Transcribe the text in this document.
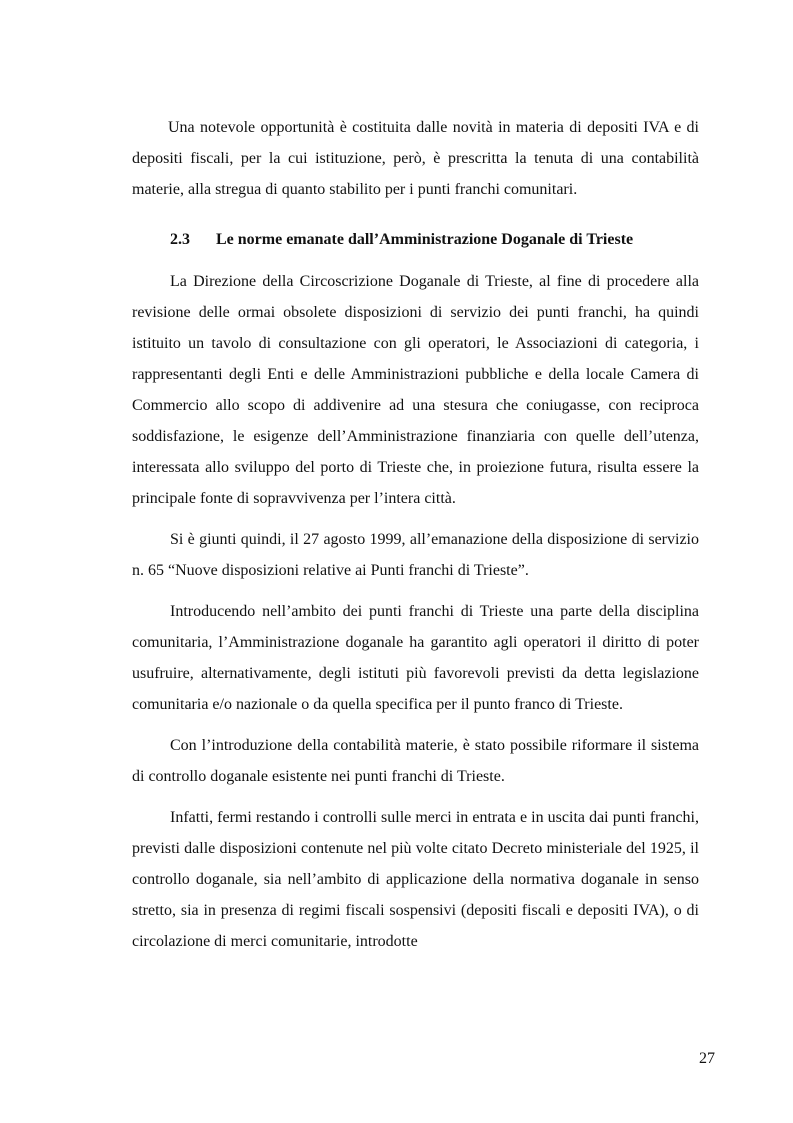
Una notevole opportunità è costituita dalle novità in materia di depositi IVA e di depositi fiscali, per la cui istituzione, però, è prescritta la tenuta di una contabilità materie, alla stregua di quanto stabilito per i punti franchi comunitari.

2.3 Le norme emanate dall’Amministrazione Doganale di Trieste

La Direzione della Circoscrizione Doganale di Trieste, al fine di procedere alla revisione delle ormai obsolete disposizioni di servizio dei punti franchi, ha quindi istituito un tavolo di consultazione con gli operatori, le Associazioni di categoria, i rappresentanti degli Enti e delle Amministrazioni pubbliche e della locale Camera di Commercio allo scopo di addivenire ad una stesura che coniugasse, con reciproca soddisfazione, le esigenze dell’Amministrazione finanziaria con quelle dell’utenza, interessata allo sviluppo del porto di Trieste che, in proiezione futura, risulta essere la principale fonte di sopravvivenza per l’intera città.

Si è giunti quindi, il 27 agosto 1999, all’emanazione della disposizione di servizio n. 65 “Nuove disposizioni relative ai Punti franchi di Trieste”.

Introducendo nell’ambito dei punti franchi di Trieste una parte della disciplina comunitaria, l’Amministrazione doganale ha garantito agli operatori il diritto di poter usufruire, alternativamente, degli istituti più favorevoli previsti da detta legislazione comunitaria e/o nazionale o da quella specifica per il punto franco di Trieste.

Con l’introduzione della contabilità materie, è stato possibile riformare il sistema di controllo doganale esistente nei punti franchi di Trieste.

Infatti, fermi restando i controlli sulle merci in entrata e in uscita dai punti franchi, previsti dalle disposizioni contenute nel più volte citato Decreto ministeriale del 1925, il controllo doganale, sia nell’ambito di applicazione della normativa doganale in senso stretto, sia in presenza di regimi fiscali sospensivi (depositi fiscali e depositi IVA), o di circolazione di merci comunitarie, introdotte

27
